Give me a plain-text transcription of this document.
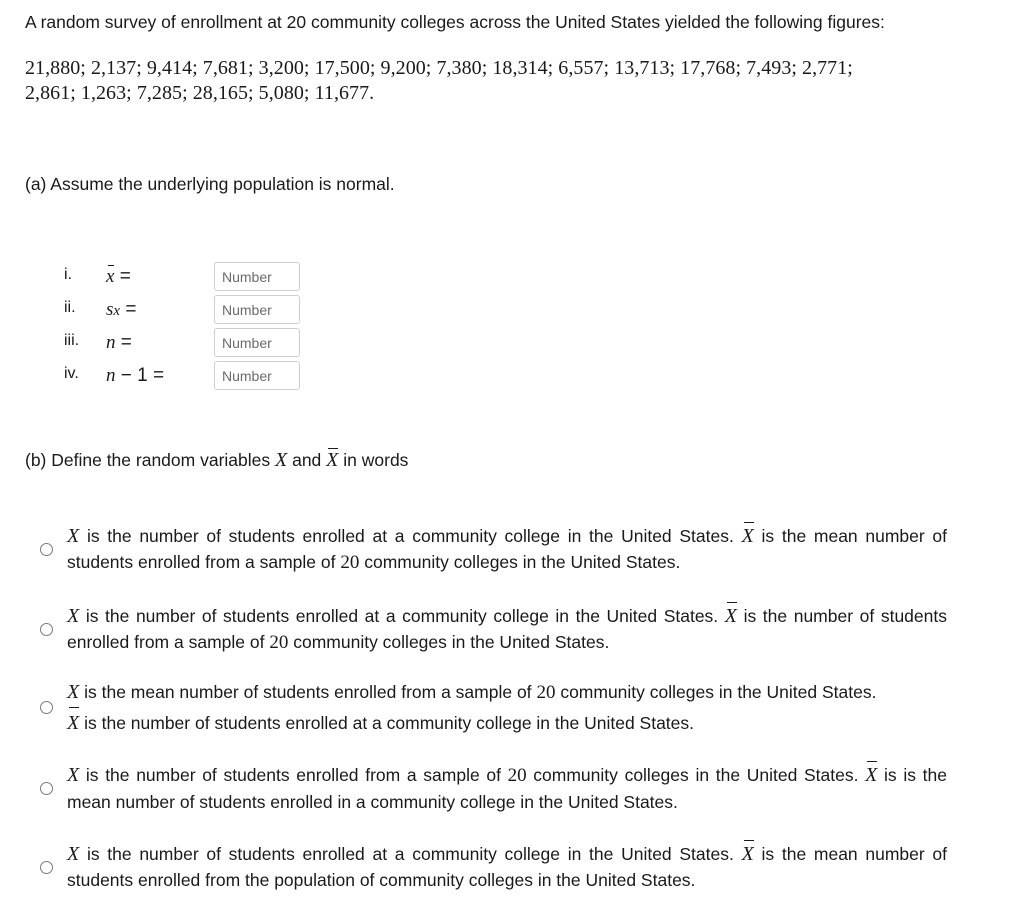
A random survey of enrollment at 20 community colleges across the United States yielded the following figures:
21,880; 2,137; 9,414; 7,681; 3,200; 17,500; 9,200; 7,380; 18,314; 6,557; 13,713; 17,768; 7,493; 2,771;
2,861; 1,263; 7,285; 28,165; 5,080; 11,677.
(a) Assume the underlying population is normal.
i. x =
Number
ii. sx =
Number
iii. n =
Number
iv. n − 1 =
Number
(b) Define the random variables X and X in words
X is the number of students enrolled at a community college in the United States. X is the mean number of students enrolled from a sample of 20 community colleges in the United States.
X is the number of students enrolled at a community college in the United States. X is the number of students enrolled from a sample of 20 community colleges in the United States.
X is the mean number of students enrolled from a sample of 20 community colleges in the United States.
X is the number of students enrolled at a community college in the United States.
X is the number of students enrolled from a sample of 20 community colleges in the United States. X is is the mean number of students enrolled in a community college in the United States.
X is the number of students enrolled at a community college in the United States. X is the mean number of students enrolled from the population of community colleges in the United States.
